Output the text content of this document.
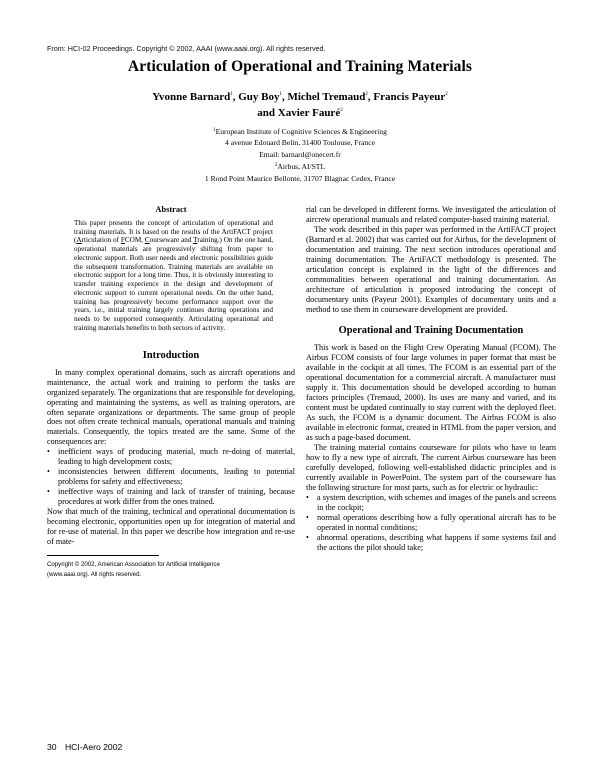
From: HCI-02 Proceedings. Copyright © 2002, AAAI (www.aaai.org). All rights reserved.
Articulation of Operational and Training Materials
Yvonne Barnard$^1$, Guy Boy$^1$, Michel Tremaud$^2$, Francis Payeur$^2$
and Xavier Fauré$^2$
$^1$European Institute of Cognitive Sciences & Engineering
4 avenue Edouard Belin, 31400 Toulouse, France
Email: barnard@onecert.fr
$^2$Airbus, AI/STL
1 Rond Point Maurice Bellonte, 31707 Blagnac Cedex, France
Abstract

This paper presents the concept of articulation of operational and training materials. It is based on the results of the ArtiFACT project (Articulation of FCOM, Courseware and Training.) On the one hand, operational materials are progressively shifting from paper to electronic support. Both user needs and electronic possibilities guide the subsequent transformation. Training materials are available on electronic support for a long time. Thus, it is obviously interesting to transfer training experience in the design and development of electronic support to current operational needs. On the other hand, training has progressively become performance support over the years, i.e., initial training largely continues during operations and needs to be supported consequently. Articulating operational and training materials benefits to both sectors of activity.

Introduction

In many complex operational domains, such as aircraft operations and maintenance, the actual work and training to perform the tasks are organized separately. The organizations that are responsible for developing, operating and maintaining the systems, as well as training operators, are often separate organizations or departments. The same group of people does not often create technical manuals, operational manuals and training materials. Consequently, the topics treated are the same. Some of the consequences are:

• inefficient ways of producing material, much re-doing of material, leading to high development costs;
• inconsistencies between different documents, leading to potential problems for safety and effectiveness;
• ineffective ways of training and lack of transfer of training, because procedures at work differ from the ones trained.

Now that much of the training, technical and operational documentation is becoming electronic, opportunities open up for integration of material and for re-use of material. In this paper we describe how integration and re-use of mate-

Copyright © 2002, American Association for Artificial Intelligence
(www.aaai.org). All rights reserved.

rial can be developed in different forms. We investigated the articulation of aircrew operational manuals and related computer-based training material.

The work described in this paper was performed in the ArtiFACT project (Barnard et al. 2002) that was carried out for Airbus, for the development of documentation and training. The next section introduces operational and training documentation. The ArtiFACT methodology is presented. The articulation concept is explained in the light of the differences and commonalities between operational and training documentation. An architecture of articulation is proposed introducing the concept of documentary units (Payeur 2001). Examples of documentary units and a method to use them in courseware development are provided.

Operational and Training Documentation

This work is based on the Flight Crew Operating Manual (FCOM). The Airbus FCOM consists of four large volumes in paper format that must be available in the cockpit at all times. The FCOM is an essential part of the operational documentation for a commercial aircraft. A manufacturer must supply it. This documentation should be developed according to human factors principles (Tremaud, 2000). Its uses are many and varied, and its content must be updated continually to stay current with the deployed fleet. As such, the FCOM is a dynamic document. The Airbus FCOM is also available in electronic format, created in HTML from the paper version, and as such a page-based document.

The training material contains courseware for pilots who have to learn how to fly a new type of aircraft. The current Airbus courseware has been carefully developed, following well-established didactic principles and is currently available in PowerPoint. The system part of the courseware has the following structure for most parts, such as for electric or hydraulic:

• a system description, with schemes and images of the panels and screens in the cockpit;
• normal operations describing how a fully operational aircraft has to be operated in normal conditions;
• abnormal operations, describing what happens if some systems fail and the actions the pilot should take;
30 HCI-Aero 2002
